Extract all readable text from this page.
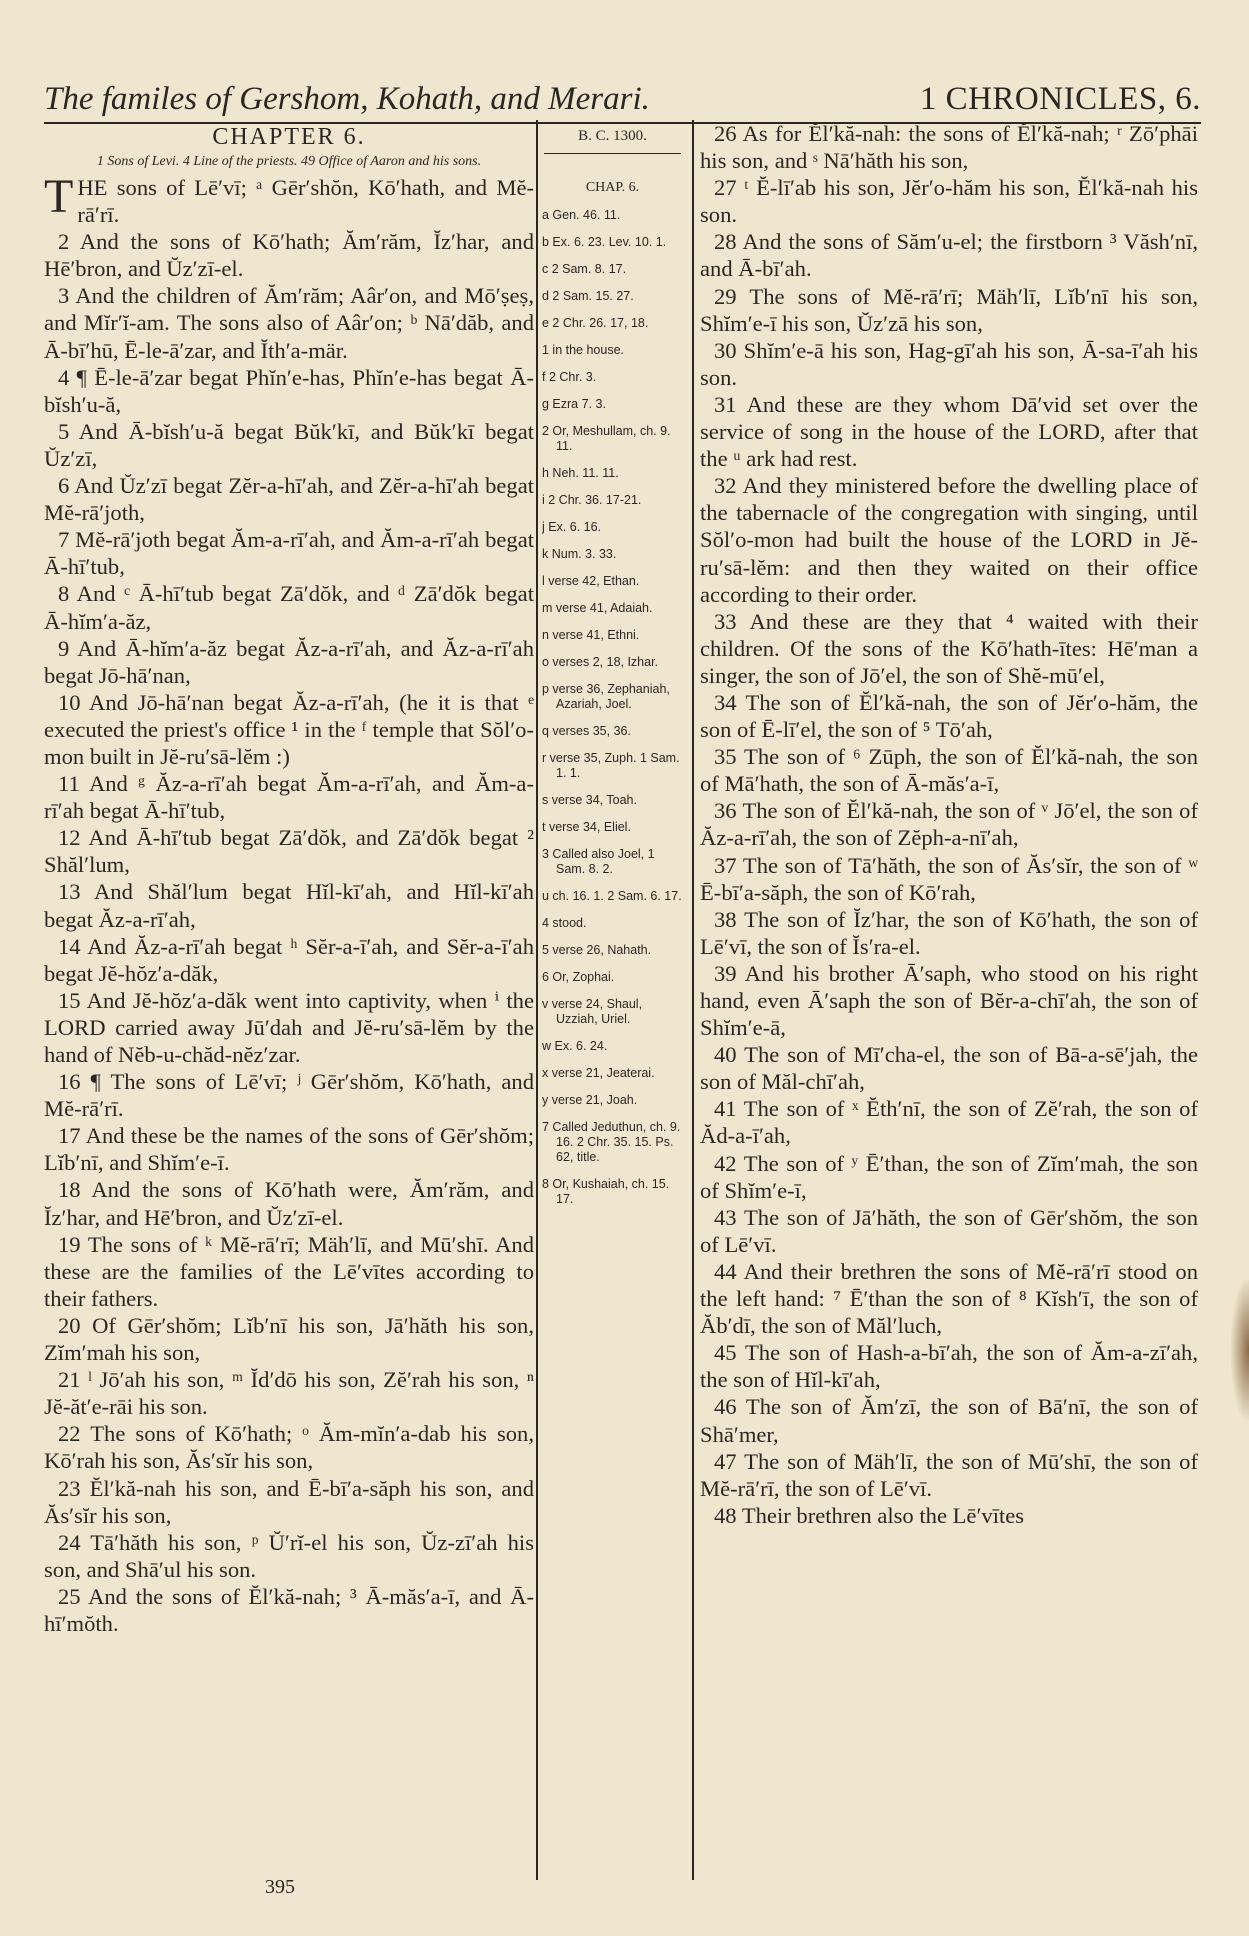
The familes of Gershom, Kohath, and Merari.	1 CHRONICLES, 6.
CHAPTER 6.
1 Sons of Levi. 4 Line of the priests. 49 Office of Aaron and his sons.

THE sons of Lē′vī; ᵃ Gēr′shŏn, Kō′hath, and Mĕ-rā′rī.

2 And the sons of Kō′hath; Ăm′răm, Ĭz′har, and Hē′bron, and Ŭz′zī-el.

3 And the children of Ăm′răm; Aâr′on, and Mō′ṣeṣ, and Mĭr′ĭ-am. The sons also of Aâr′on; ᵇ Nā′dăb, and Ā-bī′hū, Ē-le-ā′zar, and Ĭth′a-mär.

4 ¶ Ē-le-ā′zar begat Phĭn′e-has, Phĭn′e-has begat Ā-bĭsh′u-ă,

5 And Ā-bĭsh′u-ă begat Bŭk′kī, and Bŭk′kī begat Ŭz′zī,

6 And Ŭz′zī begat Zĕr-a-hī′ah, and Zĕr-a-hī′ah begat Mĕ-rā′joth,

7 Mĕ-rā′joth begat Ăm-a-rī′ah, and Ăm-a-rī′ah begat Ā-hī′tub,

8 And ᶜ Ā-hī′tub begat Zā′dŏk, and ᵈ Zā′dŏk begat Ā-hĭm′a-ăz,

9 And Ā-hĭm′a-ăz begat Ăz-a-rī′ah, and Ăz-a-rī′ah begat Jō-hā′nan,

10 And Jō-hā′nan begat Ăz-a-rī′ah, (he it is that ᵉ executed the priest's office ¹ in the ᶠ temple that Sŏl′o-mon built in Jĕ-ru′sā-lĕm :)

11 And ᵍ Ăz-a-rī′ah begat Ăm-a-rī′ah, and Ăm-a-rī′ah begat Ā-hī′tub,

12 And Ā-hī′tub begat Zā′dŏk, and Zā′dŏk begat ² Shăl′lum,

13 And Shăl′lum begat Hĭl-kī′ah, and Hĭl-kī′ah begat Ăz-a-rī′ah,

14 And Ăz-a-rī′ah begat ʰ Sĕr-a-ī′ah, and Sĕr-a-ī′ah begat Jĕ-hŏz′a-dăk,

15 And Jĕ-hŏz′a-dăk went into captivity, when ⁱ the LORD carried away Jū′dah and Jĕ-ru′sā-lĕm by the hand of Nĕb-u-chăd-nĕz′zar.

16 ¶ The sons of Lē′vī; ʲ Gēr′shŏm, Kō′hath, and Mĕ-rā′rī.

17 And these be the names of the sons of Gēr′shŏm; Lĭb′nī, and Shĭm′e-ī.

18 And the sons of Kō′hath were, Ăm′răm, and Ĭz′har, and Hē′bron, and Ŭz′zī-el.

19 The sons of ᵏ Mĕ-rā′rī; Mäh′lī, and Mū′shī. And these are the families of the Lē′vītes according to their fathers.

20 Of Gēr′shŏm; Lĭb′nī his son, Jā′hăth his son, Zĭm′mah his son,

21 ˡ Jō′ah his son, ᵐ Ĭd′dō his son, Zĕ′rah his son, ⁿ Jĕ-ăt′e-rāi his son.

22 The sons of Kō′hath; ᵒ Ăm-mĭn′a-dab his son, Kō′rah his son, Ăs′sĭr his son,

23 Ĕl′kă-nah his son, and Ē-bī′a-săph his son, and Ăs′sĭr his son,

24 Tā′hăth his son, ᵖ Ŭ′rĭ-el his son, Ŭz-zī′ah his son, and Shā′ul his son.

25 And the sons of Ĕl′kă-nah; ³ Ā-măs′a-ī, and Ā-hī′mŏth.

B. C. 1300.
CHAP. 6.

a Gen. 46. 11.

b Ex. 6. 23. Lev. 10. 1.

c 2 Sam. 8. 17.

d 2 Sam. 15. 27.

e 2 Chr. 26. 17, 18.

1 in the house.

f 2 Chr. 3.

g Ezra 7. 3.

2 Or, Meshullam, ch. 9. 11.

h Neh. 11. 11.

i 2 Chr. 36. 17-21.

j Ex. 6. 16.

k Num. 3. 33.

l verse 42, Ethan.

m verse 41, Adaiah.

n verse 41, Ethni.

o verses 2, 18, Izhar.

p verse 36, Zephaniah, Azariah, Joel.

q verses 35, 36.

r verse 35, Zuph. 1 Sam. 1. 1.

s verse 34, Toah.

t verse 34, Eliel.

3 Called also Joel, 1 Sam. 8. 2.

u ch. 16. 1. 2 Sam. 6. 17.

4 stood.

5 verse 26, Nahath.

6 Or, Zophai.

v verse 24, Shaul, Uzziah, Uriel.

w Ex. 6. 24.

x verse 21, Jeaterai.

y verse 21, Joah.

7 Called Jeduthun, ch. 9. 16. 2 Chr. 35. 15. Ps. 62, title.

8 Or, Kushaiah, ch. 15. 17.

26 As for Ĕl′kă-nah: the sons of Ĕl′kă-nah; ʳ Zō′phāi his son, and ˢ Nā′hăth his son,

27 ᵗ Ĕ-lī′ab his son, Jĕr′o-hăm his son, Ĕl′kă-nah his son.

28 And the sons of Săm′u-el; the firstborn ³ Văsh′nī, and Ā-bī′ah.

29 The sons of Mĕ-rā′rī; Mäh′lī, Lĭb′nī his son, Shĭm′e-ī his son, Ŭz′zā his son,

30 Shĭm′e-ā his son, Hag-gī′ah his son, Ā-sa-ī′ah his son.

31 And these are they whom Dā′vid set over the service of song in the house of the LORD, after that the ᵘ ark had rest.

32 And they ministered before the dwelling place of the tabernacle of the congregation with singing, until Sŏl′o-mon had built the house of the LORD in Jĕ-ru′sā-lĕm: and then they waited on their office according to their order.

33 And these are they that ⁴ waited with their children. Of the sons of the Kō′hath-ītes: Hē′man a singer, the son of Jō′el, the son of Shĕ-mū′el,

34 The son of Ĕl′kă-nah, the son of Jĕr′o-hăm, the son of Ē-lī′el, the son of ⁵ Tō′ah,

35 The son of ⁶ Zūph, the son of Ĕl′kă-nah, the son of Mā′hath, the son of Ā-măs′a-ī,

36 The son of Ĕl′kă-nah, the son of ᵛ Jō′el, the son of Ăz-a-rī′ah, the son of Zĕph-a-nī′ah,

37 The son of Tā′hăth, the son of Ăs′sĭr, the son of ʷ Ē-bī′a-săph, the son of Kō′rah,

38 The son of Ĭz′har, the son of Kō′hath, the son of Lē′vī, the son of Ĭs′ra-el.

39 And his brother Ā′saph, who stood on his right hand, even Ā′saph the son of Bĕr-a-chī′ah, the son of Shĭm′e-ā,

40 The son of Mī′cha-el, the son of Bā-a-sē′jah, the son of Măl-chī′ah,

41 The son of ˣ Ĕth′nī, the son of Zĕ′rah, the son of Ăd-a-ī′ah,

42 The son of ʸ Ē′than, the son of Zĭm′mah, the son of Shĭm′e-ī,

43 The son of Jā′hăth, the son of Gēr′shŏm, the son of Lē′vī.

44 And their brethren the sons of Mĕ-rā′rī stood on the left hand: ⁷ Ē′than the son of ⁸ Kĭsh′ī, the son of Ăb′dī, the son of Măl′luch,

45 The son of Hash-a-bī′ah, the son of Ăm-a-zī′ah, the son of Hĭl-kī′ah,

46 The son of Ăm′zī, the son of Bā′nī, the son of Shā′mer,

47 The son of Mäh′lī, the son of Mū′shī, the son of Mĕ-rā′rī, the son of Lē′vī.

48 Their brethren also the Lē′vītes

395
